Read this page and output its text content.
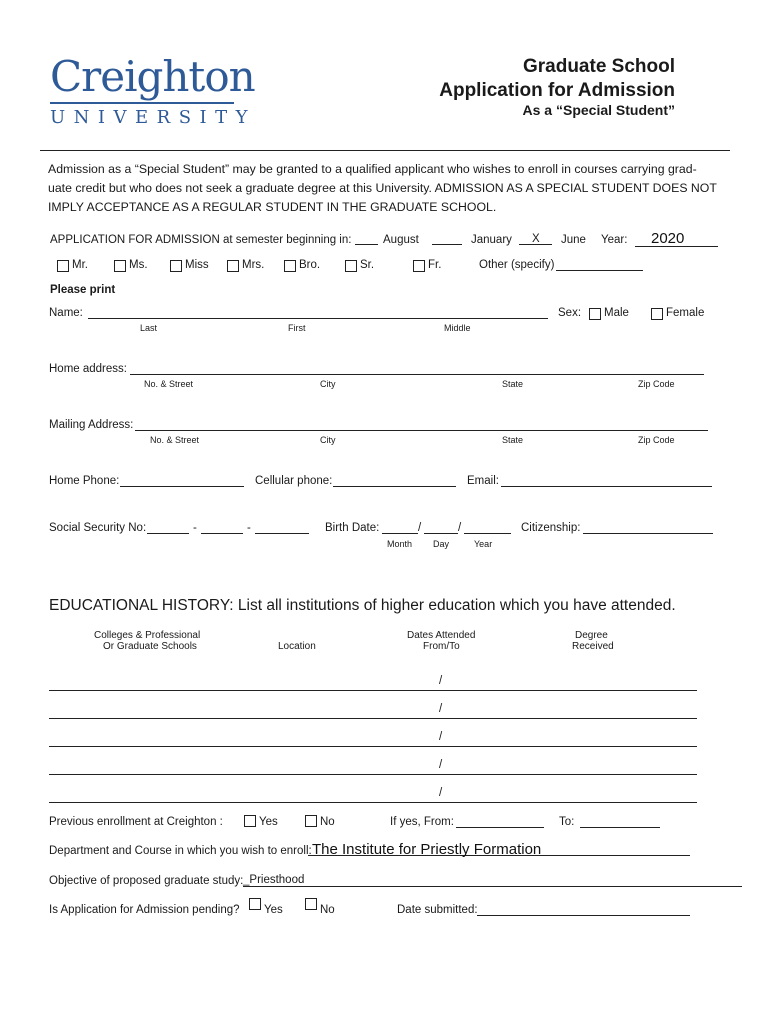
Creighton
UNIVERSITY
Graduate School
Application for Admission
As a “Special Student”
Admission as a “Special Student” may be granted to a qualified applicant who wishes to enroll in courses carrying grad-uate credit but who does not seek a graduate degree at this University. ADMISSION AS A SPECIAL STUDENT DOES NOT IMPLY ACCEPTANCE AS A REGULAR STUDENT IN THE GRADUATE SCHOOL.
APPLICATION FOR ADMISSION at semester beginning in:	August	January X June Year: 2020
Mr.	Ms.	Miss	Mrs.	Bro.	Sr.	Fr.	Other (specify)
Please print
Name:
Last	First	Middle
Sex: Male	Female
Home address:
No. & Street	City	State	Zip Code
Mailing Address:
No. & Street	City	State	Zip Code
Home Phone:	Cellular phone:	Email:
Social Security No:	-	-	Birth Date:	/	/
Month Day	Year
Citizenship:
EDUCATIONAL HISTORY: List all institutions of higher education which you have attended.
Colleges & Professional
Or Graduate Schools	Location
Dates Attended
From/To
Degree
Received
/
/
/
/
/
Previous enrollment at Creighton :	Yes	No	If yes, From:	To:
Department and Course in which you wish to enroll: The Institute for Priestly Formation
Objective of proposed graduate study: _Priesthood
Is Application for Admission pending? Yes	No	Date submitted:
